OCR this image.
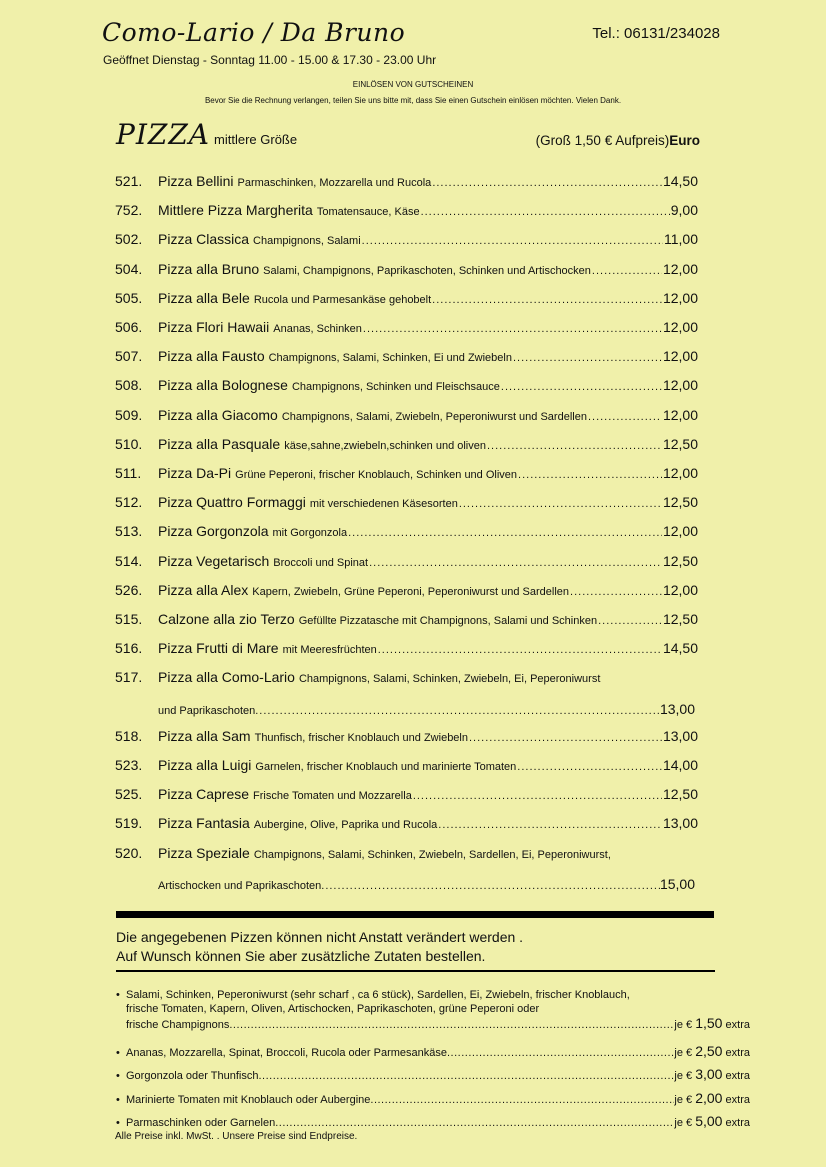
Como-Lario / Da Bruno	Tel.: 06131/234028
Geöffnet Dienstag - Sonntag 11.00 - 15.00 & 17.30 - 23.00 Uhr
EINLÖSEN VON GUTSCHEINEN
Bevor Sie die Rechnung verlangen, teilen Sie uns bitte mit, dass Sie einen Gutschein einlösen möchten. Vielen Dank.
PIZZA mittlere Größe	(Groß 1,50 € Aufpreis)Euro
521.	Pizza Bellini Parmaschinken, Mozzarella und Rucola .....	14,50
752.	Mittlere Pizza Margherita Tomatensauce, Käse .....	9,00
502.	Pizza Classica Champignons, Salami .....	11,00
504.	Pizza alla Bruno Salami, Champignons, Paprikaschoten, Schinken und Artischocken .....	12,00
505.	Pizza alla Bele Rucola und Parmesankäse gehobelt .....	12,00
506.	Pizza Flori Hawaii Ananas, Schinken .....	12,00
507.	Pizza alla Fausto Champignons, Salami, Schinken, Ei und Zwiebeln .....	12,00
508.	Pizza alla Bolognese Champignons, Schinken und Fleischsauce .....	12,00
509.	Pizza alla Giacomo Champignons, Salami, Zwiebeln, Peperoniwurst und Sardellen .....	12,00
510.	Pizza alla Pasquale käse,sahne,zwiebeln,schinken und oliven .....	12,50
511.	Pizza Da-Pi Grüne Peperoni, frischer Knoblauch, Schinken und Oliven .....	12,00
512.	Pizza Quattro Formaggi mit verschiedenen Käsesorten .....	12,50
513.	Pizza Gorgonzola mit Gorgonzola .....	12,00
514.	Pizza Vegetarisch Broccoli und Spinat .....	12,50
526.	Pizza alla Alex Kapern, Zwiebeln, Grüne Peperoni, Peperoniwurst und Sardellen .....	12,00
515.	Calzone alla zio Terzo Gefüllte Pizzatasche mit Champignons, Salami und Schinken .....	12,50
516.	Pizza Frutti di Mare mit Meeresfrüchten .....	14,50
517.	Pizza alla Como-Lario Champignons, Salami, Schinken, Zwiebeln, Ei, Peperoniwurst
und Paprikaschoten .....	13,00
518.	Pizza alla Sam Thunfisch, frischer Knoblauch und Zwiebeln .....	13,00
523.	Pizza alla Luigi Garnelen, frischer Knoblauch und marinierte Tomaten .....	14,00
525.	Pizza Caprese Frische Tomaten und Mozzarella .....	12,50
519.	Pizza Fantasia Aubergine, Olive, Paprika und Rucola .....	13,00
520.	Pizza Speziale Champignons, Salami, Schinken, Zwiebeln, Sardellen, Ei, Peperoniwurst,
Artischocken und Paprikaschoten .....	15,00
Die angegebenen Pizzen können nicht Anstatt verändert werden .
Auf Wunsch können Sie aber zusätzliche Zutaten bestellen.
• Salami, Schinken, Peperoniwurst (sehr scharf , ca 6 stück), Sardellen, Ei, Zwiebeln, frischer Knoblauch,
frische Tomaten, Kapern, Oliven, Artischocken, Paprikaschoten, grüne Peperoni oder
frische Champignons .....	je € 1,50 extra
• Ananas, Mozzarella, Spinat, Broccoli, Rucola oder Parmesankäse .....	je € 2,50 extra
• Gorgonzola oder Thunfisch .....	je € 3,00 extra
• Marinierte Tomaten mit Knoblauch oder Aubergine .....	je € 2,00 extra
• Parmaschinken oder Garnelen .....	je € 5,00 extra
Alle Preise inkl. MwSt. . Unsere Preise sind Endpreise.
